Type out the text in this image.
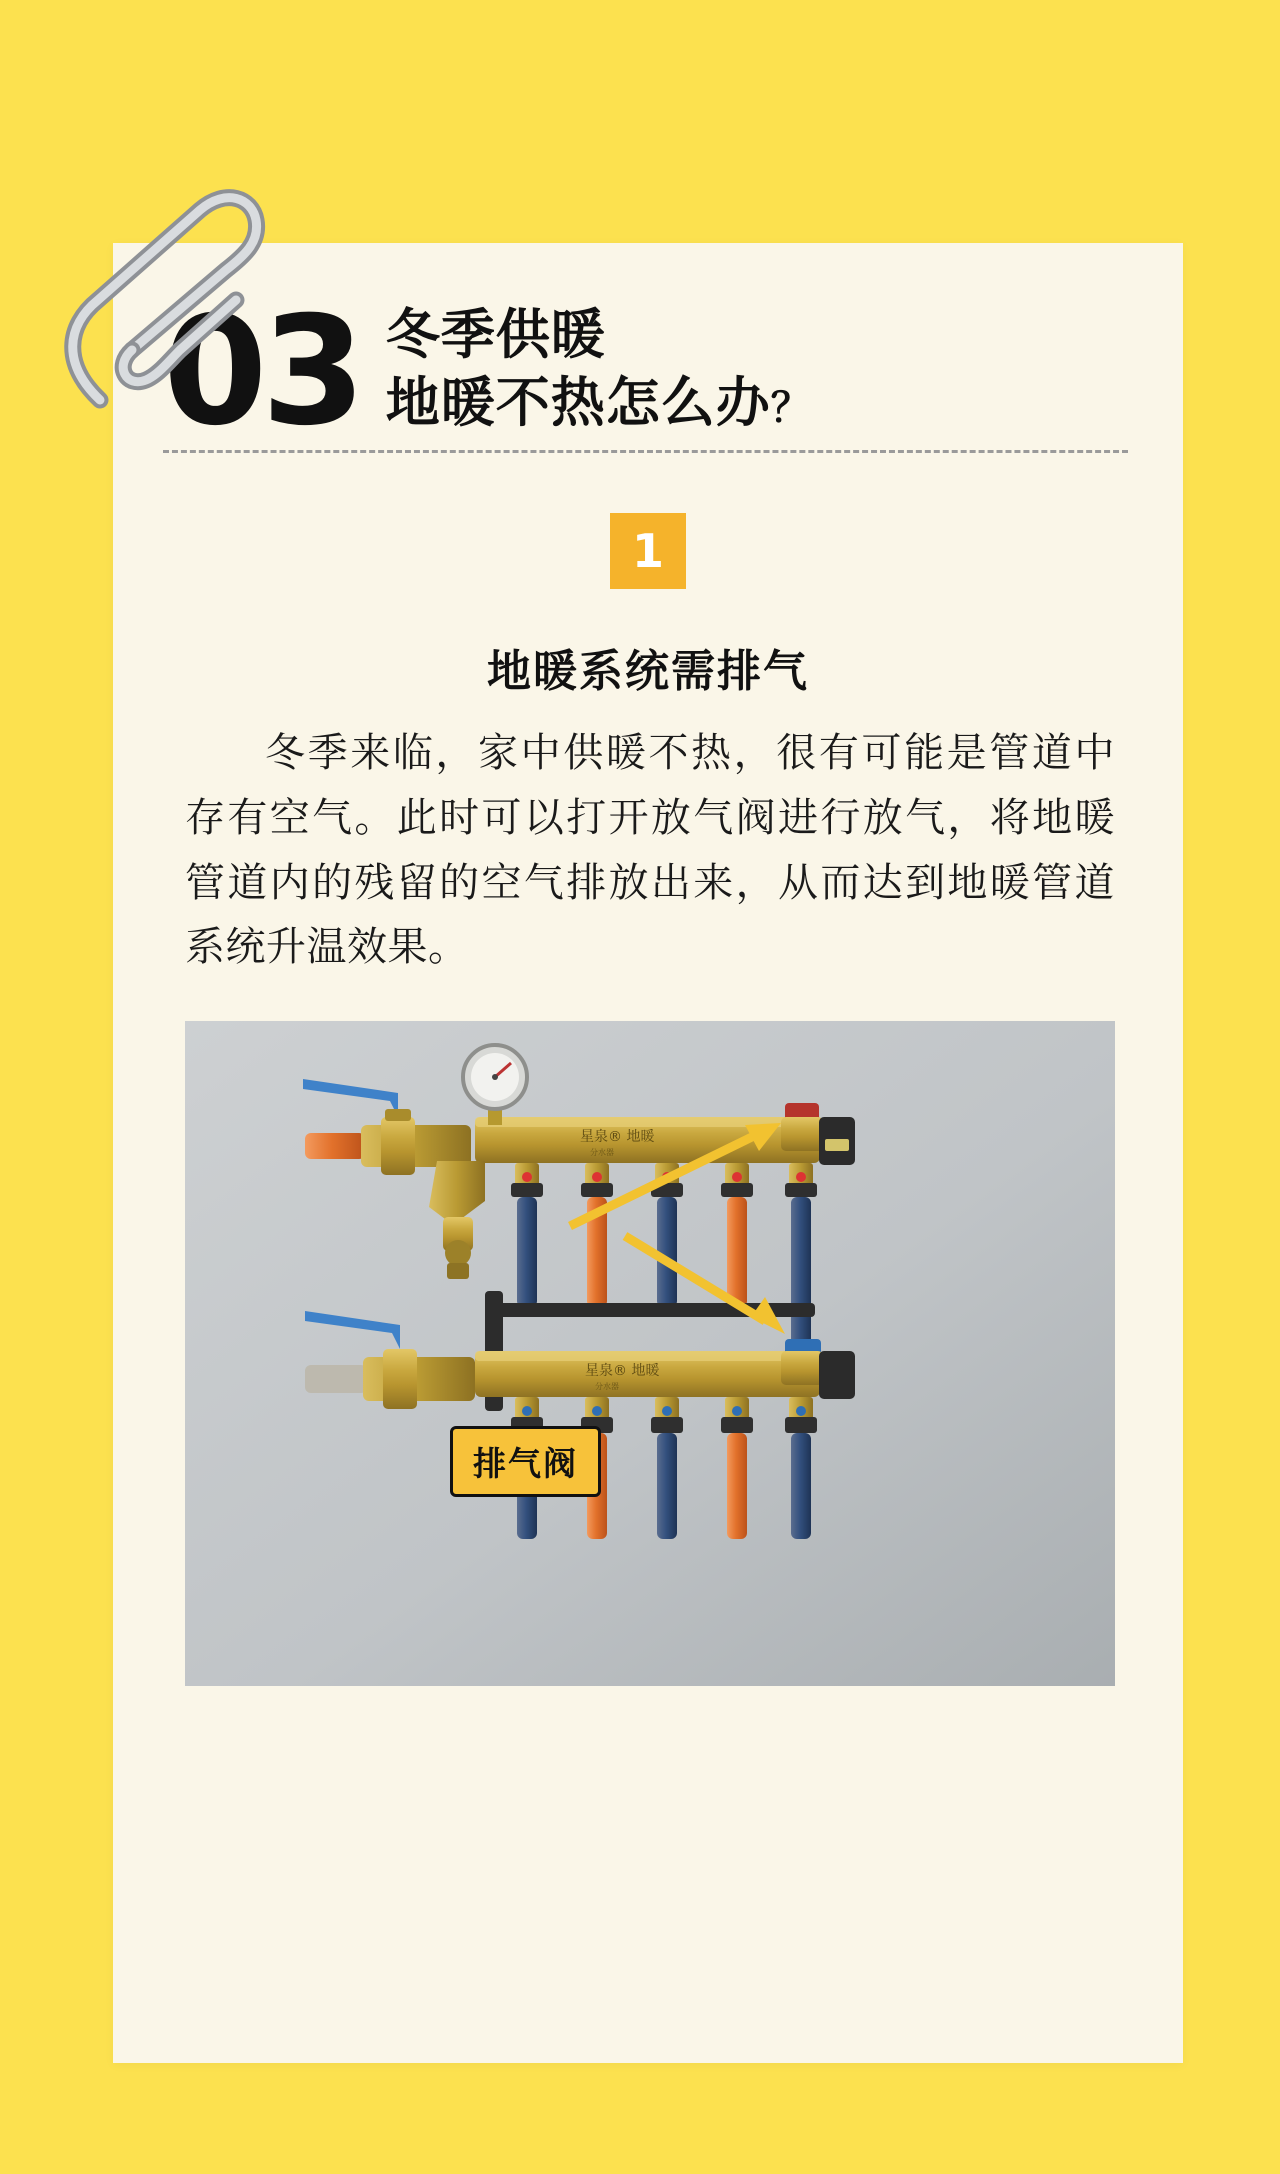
03 冬季供暖
地暖不热怎么办？
1
地暖系统需排气
冬季来临，家中供暖不热，很有可能是管道中存有空气。此时可以打开放气阀进行放气，将地暖管道内的残留的空气排放出来，从而达到地暖管道系统升温效果。
星泉® 地暖
分水器
星泉® 地暖
分水器
排气阀
